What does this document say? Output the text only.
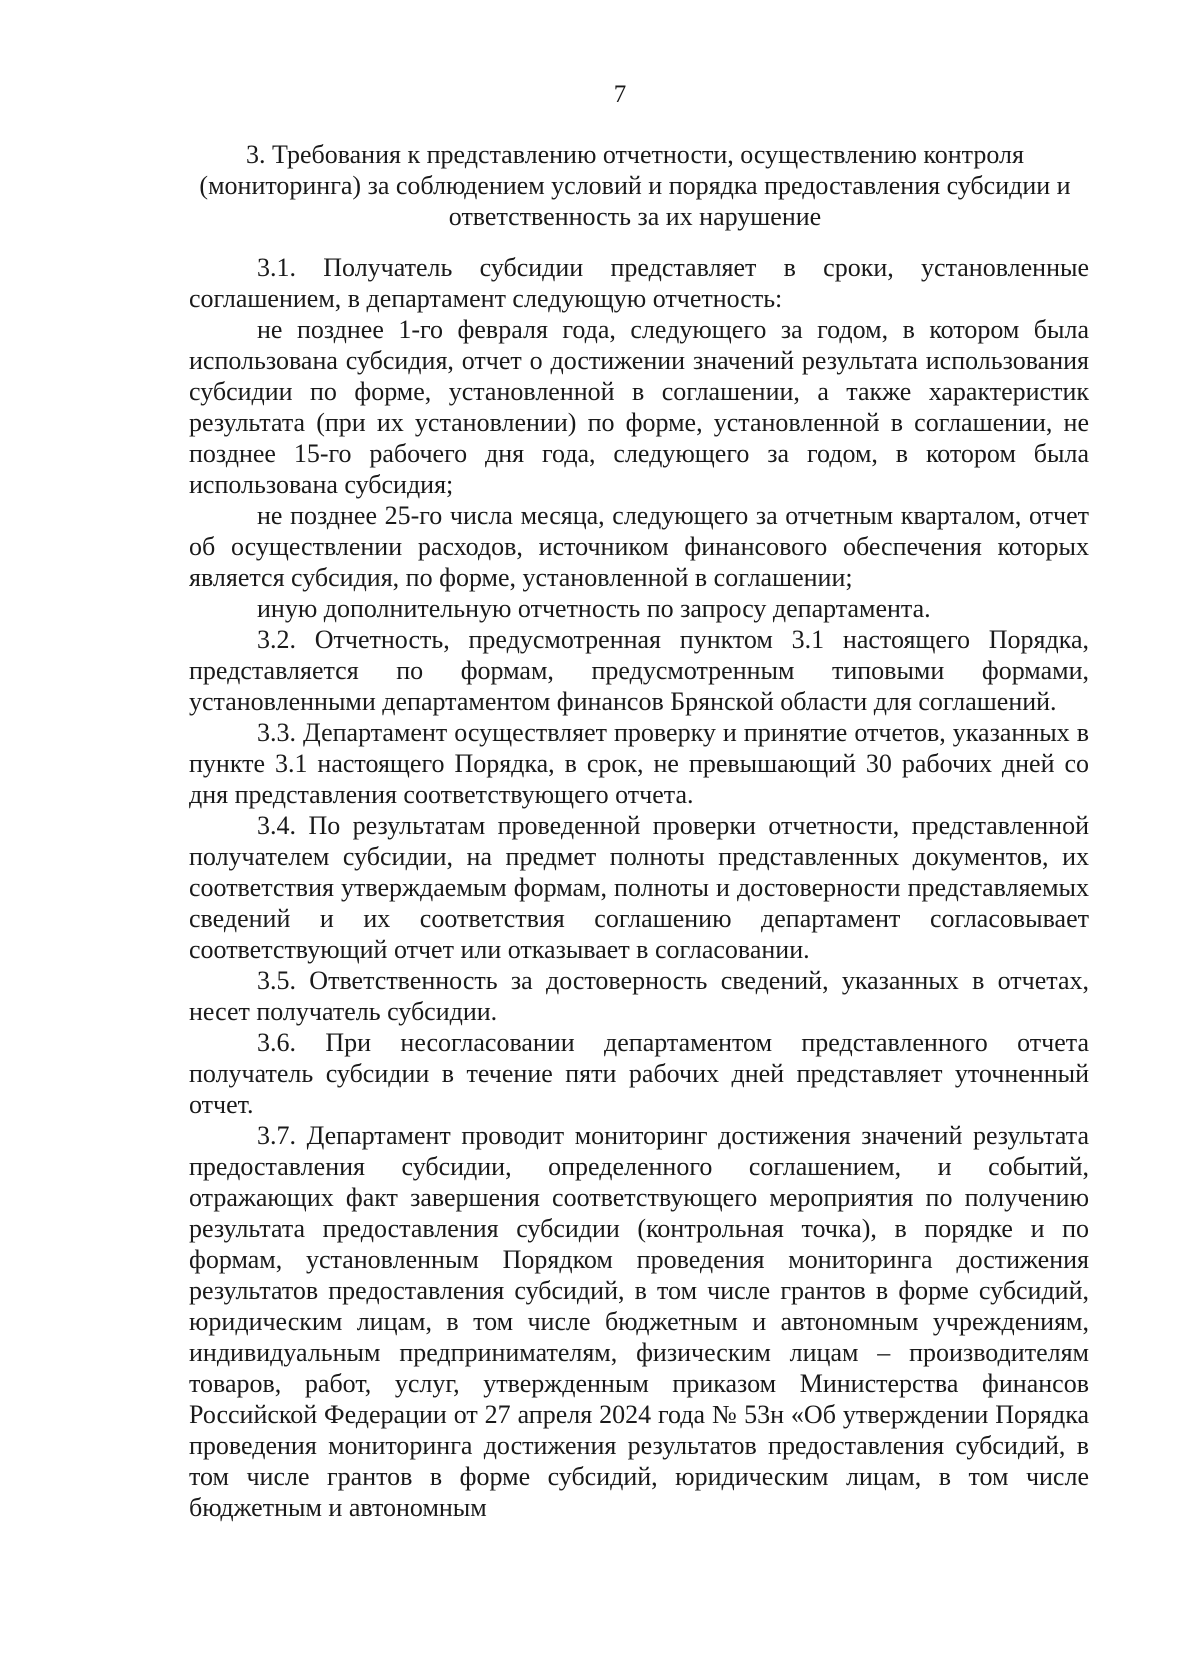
7
3. Требования к представлению отчетности, осуществлению контроля (мониторинга) за соблюдением условий и порядка предоставления субсидии и ответственность за их нарушение

3.1. Получатель субсидии представляет в сроки, установленные соглашением, в департамент следующую отчетность:

не позднее 1-го февраля года, следующего за годом, в котором была использована субсидия, отчет о достижении значений результата использования субсидии по форме, установленной в соглашении, а также характеристик результата (при их установлении) по форме, установленной в соглашении, не позднее 15-го рабочего дня года, следующего за годом, в котором была использована субсидия;

не позднее 25-го числа месяца, следующего за отчетным кварталом, отчет об осуществлении расходов, источником финансового обеспечения которых является субсидия, по форме, установленной в соглашении;

иную дополнительную отчетность по запросу департамента.

3.2. Отчетность, предусмотренная пунктом 3.1 настоящего Порядка, представляется по формам, предусмотренным типовыми формами, установленными департаментом финансов Брянской области для соглашений.

3.3. Департамент осуществляет проверку и принятие отчетов, указанных в пункте 3.1 настоящего Порядка, в срок, не превышающий 30 рабочих дней со дня представления соответствующего отчета.

3.4. По результатам проведенной проверки отчетности, представленной получателем субсидии, на предмет полноты представленных документов, их соответствия утверждаемым формам, полноты и достоверности представляемых сведений и их соответствия соглашению департамент согласовывает соответствующий отчет или отказывает в согласовании.

3.5. Ответственность за достоверность сведений, указанных в отчетах, несет получатель субсидии.

3.6. При несогласовании департаментом представленного отчета получатель субсидии в течение пяти рабочих дней представляет уточненный отчет.

3.7. Департамент проводит мониторинг достижения значений результата предоставления субсидии, определенного соглашением, и событий, отражающих факт завершения соответствующего мероприятия по получению результата предоставления субсидии (контрольная точка), в порядке и по формам, установленным Порядком проведения мониторинга достижения результатов предоставления субсидий, в том числе грантов в форме субсидий, юридическим лицам, в том числе бюджетным и автономным учреждениям, индивидуальным предпринимателям, физическим лицам – производителям товаров, работ, услуг, утвержденным приказом Министерства финансов Российской Федерации от 27 апреля 2024 года № 53н «Об утверждении Порядка проведения мониторинга достижения результатов предоставления субсидий, в том числе грантов в форме субсидий, юридическим лицам, в том числе бюджетным и автономным
